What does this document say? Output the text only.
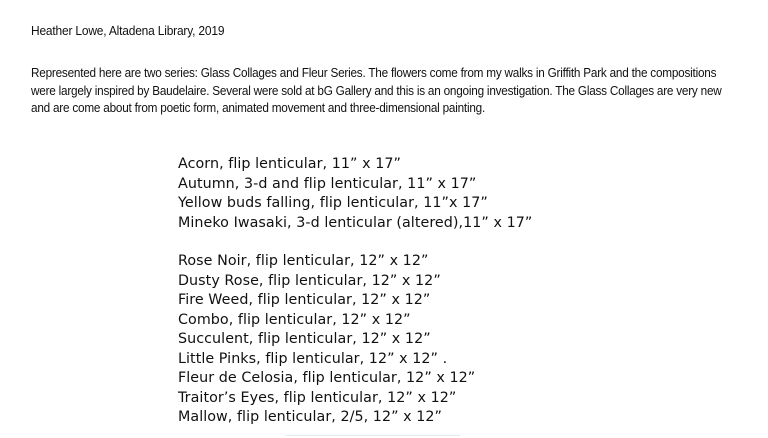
Heather Lowe, Altadena Library, 2019
Represented here are two series: Glass Collages and Fleur Series. The flowers come from my walks in Griffith Park and the compositions
were largely inspired by Baudelaire. Several were sold at bG Gallery and this is an ongoing investigation. The Glass Collages are very new
and are come about from poetic form, animated movement and three-dimensional painting.
Acorn, flip lenticular, 11” x 17”
Autumn, 3-d and flip lenticular, 11” x 17”
Yellow buds falling, flip lenticular, 11”x 17”
Mineko Iwasaki, 3-d lenticular (altered),11” x 17”
Rose Noir, flip lenticular, 12” x 12”
Dusty Rose, flip lenticular, 12” x 12”
Fire Weed, flip lenticular, 12” x 12”
Combo, flip lenticular, 12” x 12”
Succulent, flip lenticular, 12” x 12”
Little Pinks, flip lenticular, 12” x 12” .
Fleur de Celosia, flip lenticular, 12” x 12”
Traitor’s Eyes, flip lenticular, 12” x 12”
Mallow, flip lenticular, 2/5, 12” x 12”
